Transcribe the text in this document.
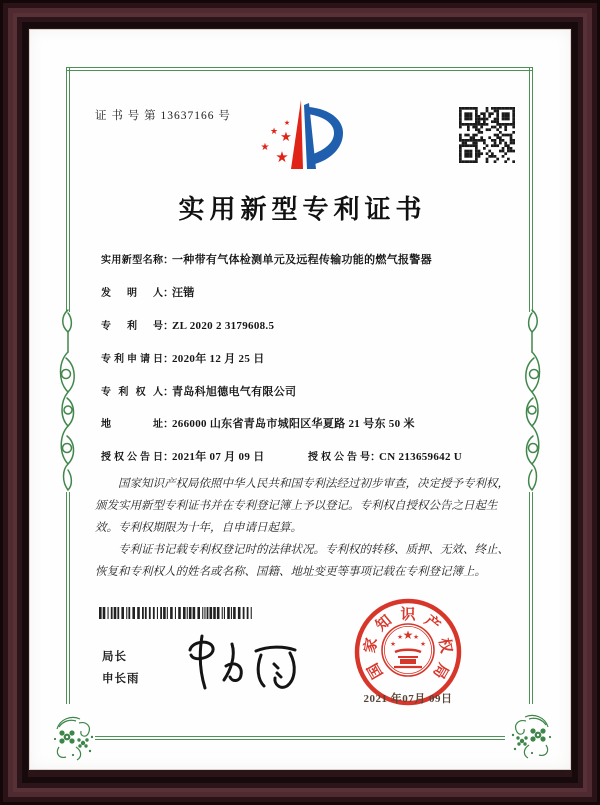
证 书 号 第 13637166 号
★
★ ★
★
★
实用新型专利证书
实用新型名称：一种带有气体检测单元及远程传输功能的燃气报警器
发明人：汪锴
专利号：ZL 2020 2 3179608.5
专利申请日：2020年 12 月 25 日
专利权人：青岛科旭德电气有限公司
地址：266000 山东省青岛市城阳区华夏路 21 号东 50 米
授权公告日：2021年 07 月 09 日	授权公告号：CN 213659642 U

国家知识产权局依照中华人民共和国专利法经过初步审查，决定授予专利权，颁发实用新型专利证书并在专利登记簿上予以登记。专利权自授权公告之日起生效。专利权期限为十年，自申请日起算。

专利证书记载专利权登记时的法律状况。专利权的转移、质押、无效、终止、恢复和专利权人的姓名或名称、国籍、地址变更等事项记载在专利登记簿上。

局长
申长雨	国
家
知 识 产
权
局
★
★
★ ★
★
2021 年07月 09日
